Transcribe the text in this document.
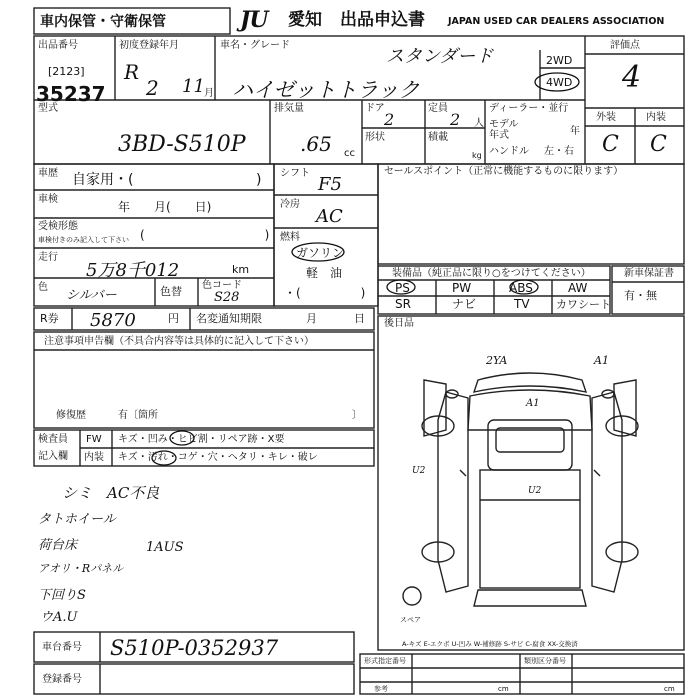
車内保管・守衛保管	JU	愛知 出品申込書 JAPAN USED CAR DEALERS ASSOCIATION
出品番号
[2123]
35237
初度登録年月
R
2 11 月
車名・グレード
スタンダード
ハイゼットトラック
2WD
4WD
評価点
4
型式
3BD-S510P
排気量
.65 cc
ドア
2
形状
定員
2 人
積載
kg
ディーラー・並行
モデル
年式	年
ハンドル 左・右
外装	内装
C C
車歴 自家用・(	)
車検
年　　月(　　日)
受検形態
車検付きのみ記入して下さい (　　　　　　　　　　)
走行
5万8千012	km
色
シルバー	色替 色コード
S28
シフト
F5
冷房
AC
燃料
ガソリン
軽　油
・(　　　　　)
セールスポイント（正常に機能するものに限ります）
装備品（純正品に限り○をつけてください）
PS	PW	ABS	AW
SR	ナビ	TV カワシート
新車保証書
有・無
R券 5870	円 名変通知期限	月	日 後日品
注意事項申告欄（不具合内容等は具体的に記入して下さい）
修復歴	有〔箇所	〕
検査員
記入欄
FW キズ・凹み・ヒビ割・リペア跡・X要
内装 キズ・汚れ・コゲ・穴・ヘタリ・キレ・破レ
シミ　AC不良
タトホイール
荷台床	1AUS
アオリ・Rパネル
下回りS
ウA.U
2YA	A1
A1
U2
U2
スペア
A-キズ E-エクボ U-凹み W-補修跡 S-サビ C-腐食 XX-交換済
車台番号 S510P-0352937
登録番号
形式指定番号	類別区分番号
参考	cm	cm
